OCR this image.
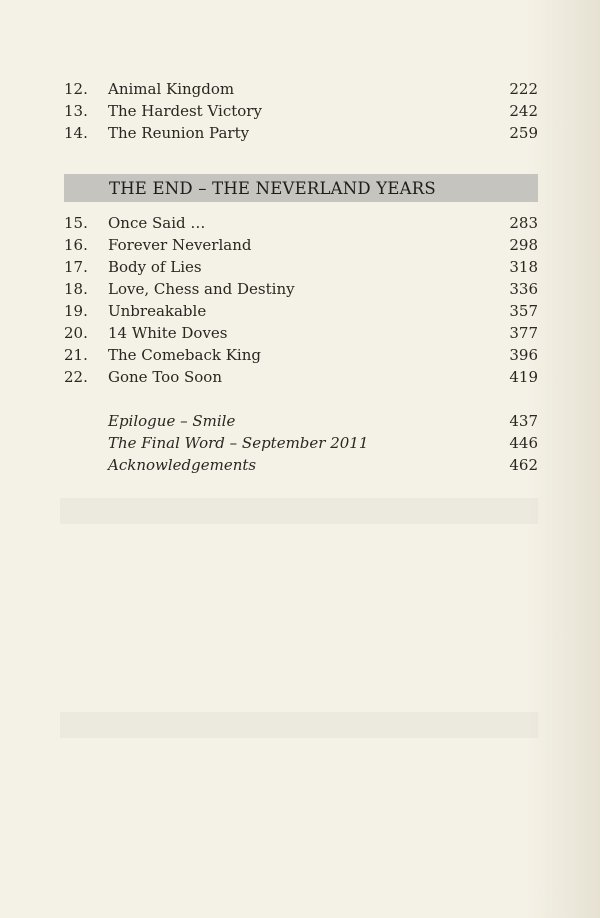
12.	Animal Kingdom	222
13.	The Hardest Victory	242
14.	The Reunion Party	259
THE END – THE NEVERLAND YEARS
15.	Once Said …	283
16.	Forever Neverland	298
17.	Body of Lies	318
18.	Love, Chess and Destiny	336
19.	Unbreakable	357
20.	14 White Doves	377
21.	The Comeback King	396
22.	Gone Too Soon	419
Epilogue – Smile	437
The Final Word – September 2011	446
Acknowledgements	462
